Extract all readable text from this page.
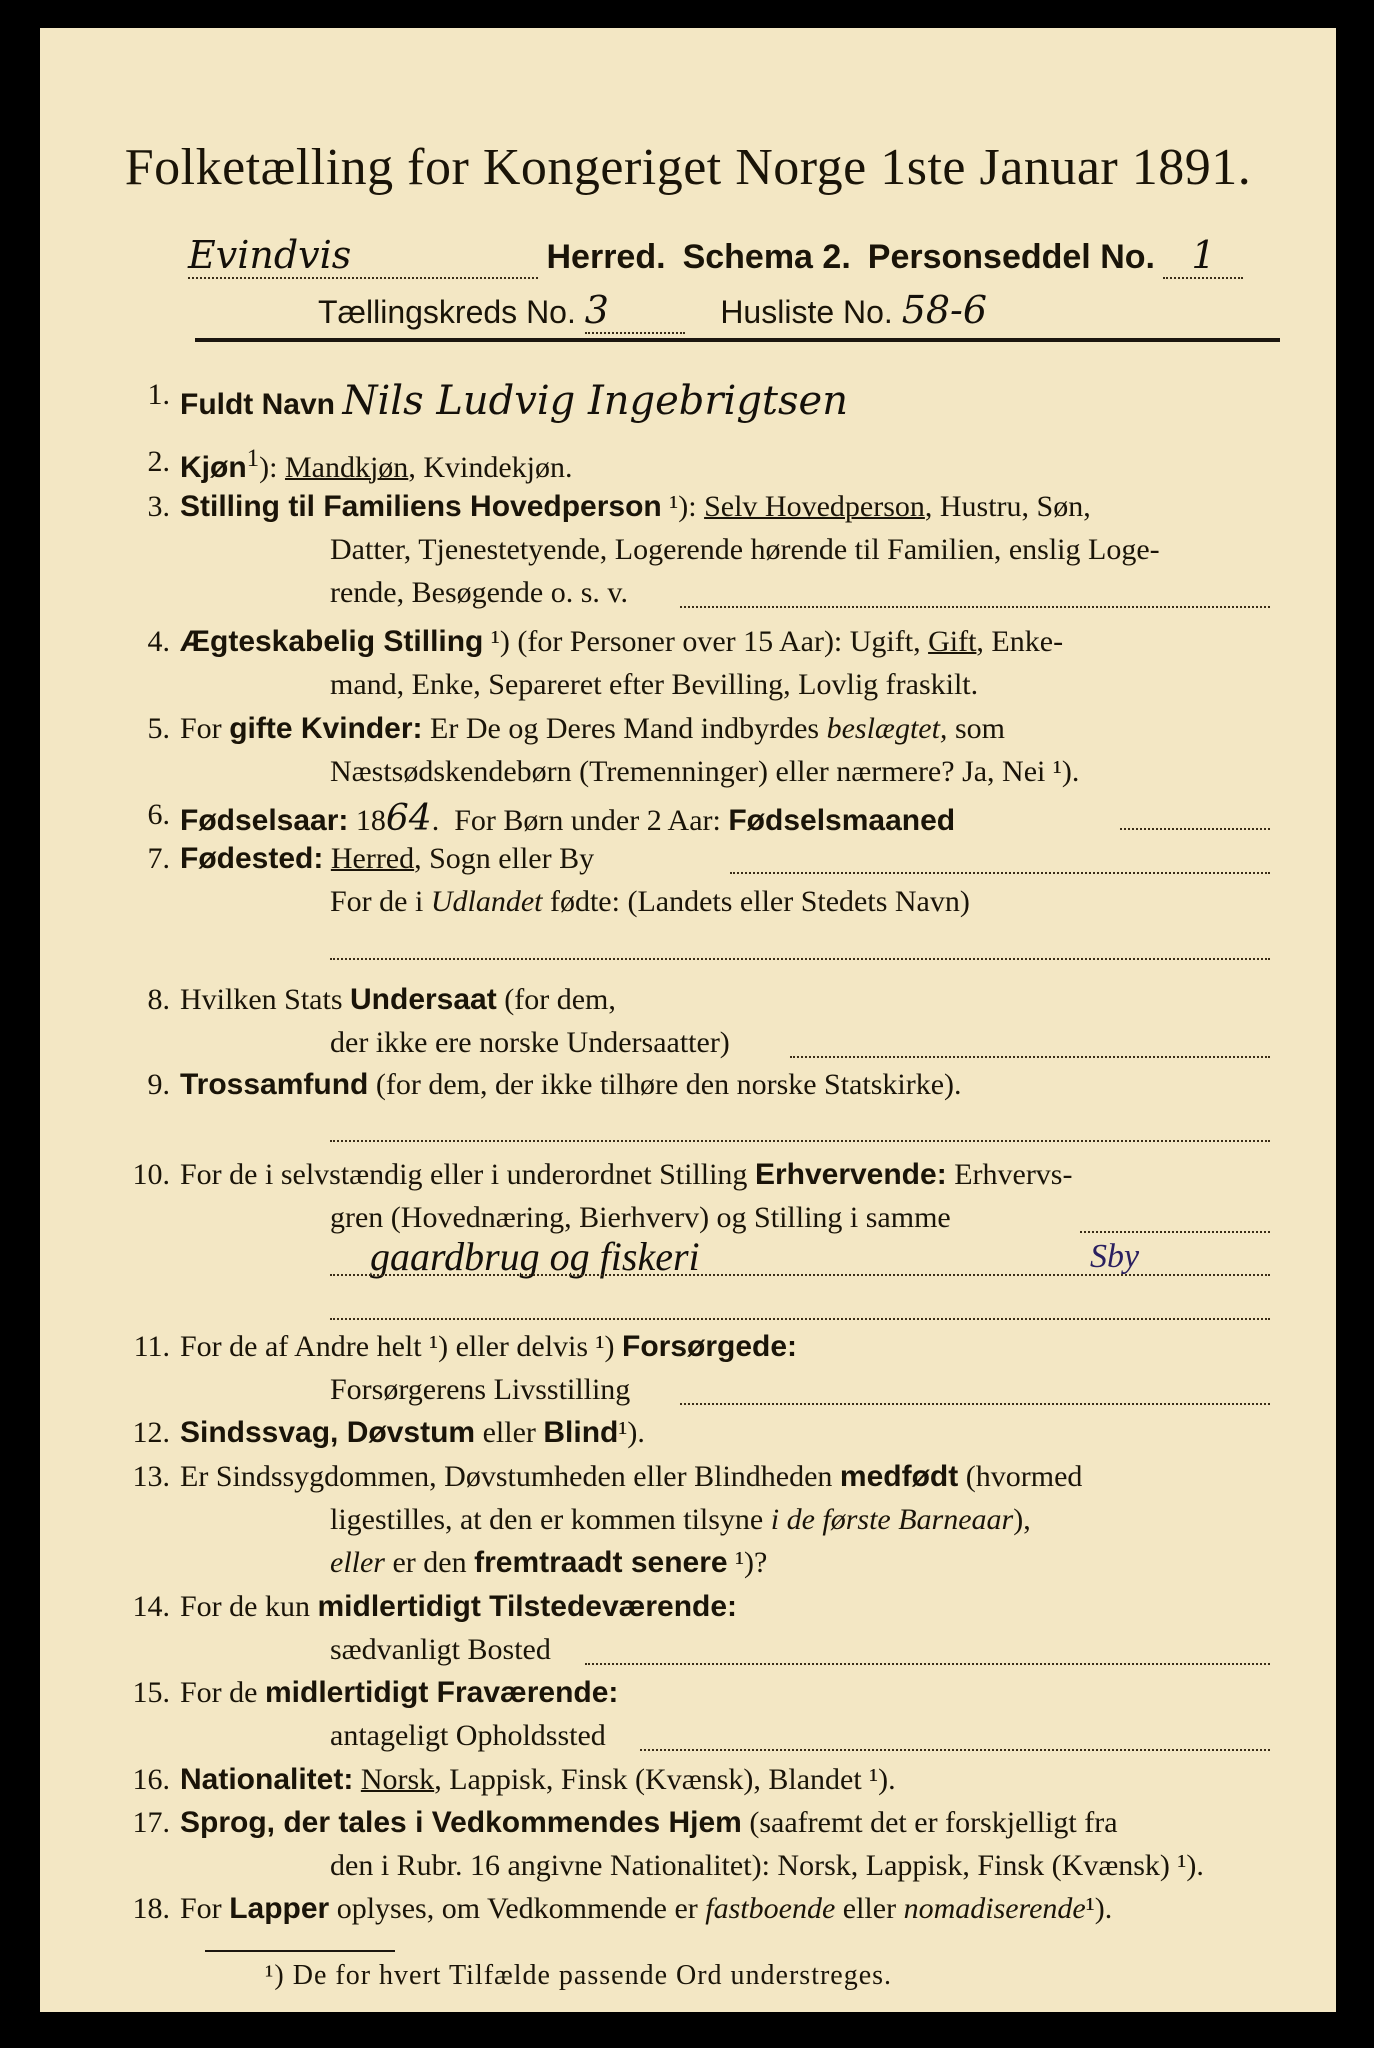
Folketælling for Kongeriget Norge 1ste Januar 1891.
Evindvis	Herred. Schema 2. Personseddel No. 1
Tællingskreds No. 3	Husliste No. 58-6
1. Fuldt Navn Nils Ludvig Ingebrigtsen
2. Kjøn$^1$): Mandkjøn, Kvindekjøn.
3. Stilling til Familiens Hovedperson ¹): Selv Hovedperson, Hustru, Søn,
Datter, Tjenestetyende, Logerende hørende til Familien, enslig Loge-
rende, Besøgende o. s. v.
4. Ægteskabelig Stilling ¹) (for Personer over 15 Aar): Ugift, Gift, Enke-
mand, Enke, Separeret efter Bevilling, Lovlig fraskilt.
5. For gifte Kvinder: Er De og Deres Mand indbyrdes beslægtet, som
Næstsødskendebørn (Tremenninger) eller nærmere? Ja, Nei ¹).
6. Fødselsaar: 1864.  For Børn under 2 Aar: Fødselsmaaned
7. Fødested: Herred, Sogn eller By
For de i Udlandet fødte: (Landets eller Stedets Navn)
8. Hvilken Stats Undersaat (for dem,
der ikke ere norske Undersaatter)
9. Trossamfund (for dem, der ikke tilhøre den norske Statskirke).
10. For de i selvstændig eller i underordnet Stilling Erhvervende: Erhvervs-
gren (Hovednæring, Bierhverv) og Stilling i samme
gaardbrug og fiskeri	Sby
11. For de af Andre helt ¹) eller delvis ¹) Forsørgede:
Forsørgerens Livsstilling
12. Sindssvag, Døvstum eller Blind¹).
13. Er Sindssygdommen, Døvstumheden eller Blindheden medfødt (hvormed
ligestilles, at den er kommen tilsyne i de første Barneaar),
eller er den fremtraadt senere ¹)?
14. For de kun midlertidigt Tilstedeværende:
sædvanligt Bosted
15. For de midlertidigt Fraværende:
antageligt Opholdssted
16. Nationalitet: Norsk, Lappisk, Finsk (Kvænsk), Blandet ¹).
17. Sprog, der tales i Vedkommendes Hjem (saafremt det er forskjelligt fra
den i Rubr. 16 angivne Nationalitet): Norsk, Lappisk, Finsk (Kvænsk) ¹).
18. For Lapper oplyses, om Vedkommende er fastboende eller nomadiserende¹).
¹) De for hvert Tilfælde passende Ord understreges.
